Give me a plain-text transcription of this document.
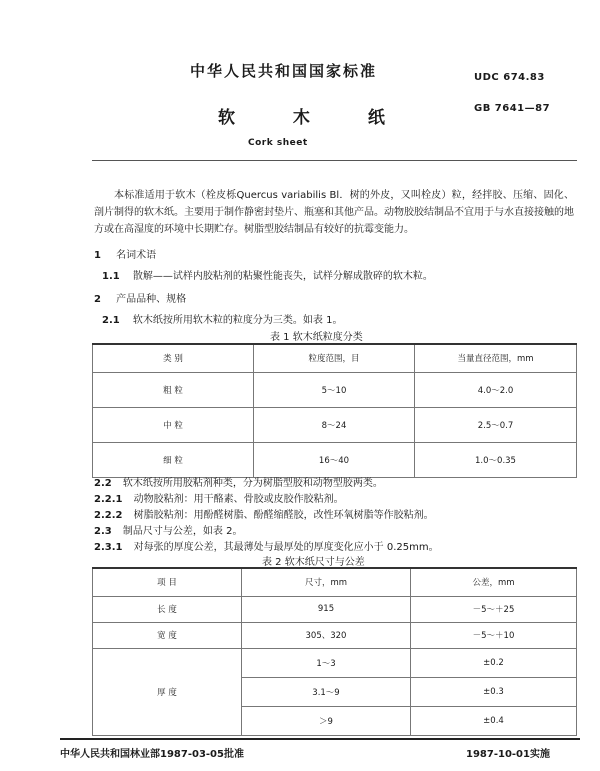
中华人民共和国国家标准	UDC 674.83
GB 7641—87
软 木 纸
Cork sheet
本标准适用于软木（栓皮栎Quercus variabilis Bl．树的外皮，又叫栓皮）粒，经拌胶、压缩、固化、剖片制得的软木纸。主要用于制作静密封垫片、瓶塞和其他产品。动物胶胶结制品不宜用于与水直接接触的地方或在高湿度的环境中长期贮存。树脂型胶结制品有较好的抗霉变能力。
1 名词术语
1.1 散解——试样内胶粘剂的粘聚性能丧失，试样分解成散碎的软木粒。
2 产品品种、规格
2.1 软木纸按所用软木粒的粒度分为三类。如表 1。
表 1 软木纸粒度分类
类 别	粒度范围，目	当量直径范围，mm
粗 粒	5～10	4.0～2.0
中 粒	8～24	2.5～0.7
细 粒	16～40	1.0～0.35
2.2 软木纸按所用胶粘剂种类，分为树脂型胶和动物型胶两类。
2.2.1 动物胶粘剂：用干酪素、骨胶或皮胶作胶粘剂。
2.2.2 树脂胶粘剂：用酚醛树脂、酚醛缩醛胶，改性环氧树脂等作胶粘剂。
2.3 制品尺寸与公差，如表 2。
2.3.1 对每张的厚度公差，其最薄处与最厚处的厚度变化应小于 0.25mm。
表 2 软木纸尺寸与公差
项 目	尺寸，mm	公差，mm
长 度	915	－5～＋25
宽 度	305、320	－5～＋10
厚 度	1～3	±0.2
	3.1～9	±0.3
	＞9	±0.4
中华人民共和国林业部1987-03-05批准	1987-10-01实施
